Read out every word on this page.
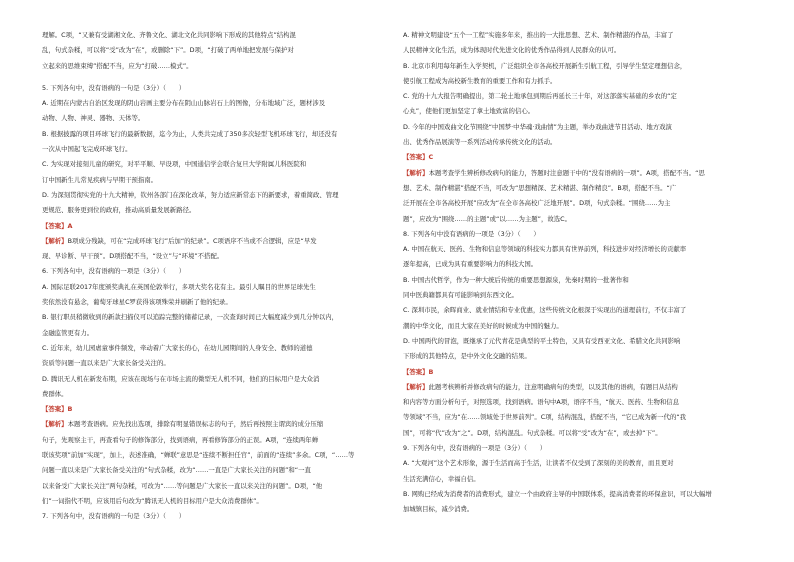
理解。C项，“又兼有受湖湘文化、齐鲁文化、湖北文化共同影响下形成的其他特点”结构混
乱，句式杂糅，可以将“受”改为“在”，或删除“下”。D项，“打破了两单地把发展与保护对
立起来的思维束缚”搭配不当，应为“打破……模式”。
5. 下列各句中，没有语病的一句是（3分）（　　）
A. 近期在内蒙古自治区发现的阴山岩画主要分布在阴山山脉岩石上的图像，分布地域广泛，题材涉及
动物、人物、神灵、器物、天体等。
B. 根据披露的项目环球飞行的最新数据，迄今为止，人类共完成了350多次轻型飞机环球飞行，却还没有
一次从中国起飞完成环球飞行。
C. 为实现对接刻儿童的研究，对平平顺、早设项，中国通信学会联合复旦大学附属儿科医院和
订中国新生儿常见疾病与早期干预指南。
D. 为深刻贯彻实党的十九大精神，钦州各部门在深化改革，努力适应新常态下的新要求，着重简政、管理
更规范、服务更到位的政府，推动高质量发展新路径。
【答案】A
【解析】B项成分残缺，可在“完成环球飞行”后加“的纪录”。C项语序不当或不合逻辑，应是“早发
现、早诊断、早干预”。D项搭配不当，“设立”与“环境”不搭配。
6. 下列各句中，没有语病的一项是（3分）（　　）
A. 国际足联2017年度颁奖典礼在英国伦敦举行，多项大奖名花有主。最引人瞩目的世界足球先生
奖依然没有悬念，葡萄牙球星C罗获得该项殊荣并刷新了他的纪录。
B. 银行职员稍微收到的新款扫描仪可以追踪完整的储蓄记录，一次查询时间已大幅度减少到几分钟以内，
金融监管更有力。
C. 近年来，幼儿园虐童事件频发，牵动着广大家长的心，在幼儿园期间的人身安全、教师的道德
资质等问题一直以来是广大家长备受关注的。
D. 腾讯无人机在新发布期，应该在现场与在市场主流的微型无人机不同，他们的目标用户是大众消
费群体。
【答案】B
【解析】本题考查语病。应先找出选项，排除有明显错误标志的句子，然后再按照主谓宾的成分压缩
句子，先观察主干，再查看句子的修饰部分，找到语病，再看修饰部分的正误。A项，“连续两年蝉
联该奖项”前加“实现”，加上，表述准确，“蝉联”意思是“连续不断担任官”，前面的“连续”多余。C项，“……等
问题一直以来是广大家长备受关注的”句式杂糅，改为“……一直是广大家长关注的问题”和“一直
以来备受广大家长关注”两句杂糅，可改为“……等问题是广大家长一直以来关注的问题”。D项，“他
们”一词指代不明，应该用后句改为“腾讯无人机的目标用户是大众消费群体”。
7. 下列各句中，没有语病的一句是（3分）（　　）
A. 精神文明建设“五个一工程”实施多年来，推出的一大批思想、艺术、制作精湛的作品，丰富了
人民精神文化生活，成为体现时代先进文化的优秀作品得到人民群众的认可。
B. 北京市利用每年新生入学契机，广泛组织全市各高校开展新生引航工程，引导学生坚定理想信念，
使引航工程成为高校新生教育的重要工作和有力抓手。
C. 党的十九大报告明确提出，第二轮土地承包到期后再延长三十年，对这部落实基础的乡农的“定
心丸”，使他们更加坚定了拿土地致富的信心。
D. 今年的中国戏曲文化节围绕“中国梦·中华魂·戏曲情”为主题，举办戏曲进节目活动、地方戏演
出、优秀作品展演等一系列活动传承传统文化的活动。
【答案】C
【解析】本题考查学生辨析修改病句的能力，答题时注意题干中的“没有语病的一项”。A项，搭配不当。“思
想、艺术、制作精湛”搭配不当，可改为“思想精深、艺术精湛、制作精良”。B项，搭配不当。“广
泛开展在全市各高校开展”应改为“在全市各高校广泛地开展”。D项，句式杂糅。“围绕……为主
题”，应改为“围绕……的主题”或“以……为主题”，故选C。
8. 下列各句中没有语病的一项是（3分）（　　）
A. 中国在航天、医药、生物和信息等领域的科技实力都具有世界前列，科技进步对经济增长的贡献率
逐年提高，已成为具有重要影响力的科技大国。
B. 中国古代哲学，作为一种大统后传统的重要思想源泉，先秦时期的一批著作和
同中医典籍都具有可能影响到东西文化。
C. 深圳市民，余晖商业、就业情结和专业优惠，这些传统文化根深于实现出的道理前行，不仅丰富了
潮的中华文化，而且大家在美好的时候成为中国的魅力。
D. 中国两代的冒泡，既继承了元代青花是典型的平土特色，又具有受西亚文化、希腊文化共同影响
下形成的其他特点，是中外文化交融的结果。
【答案】B
【解析】此题考核辨析并修改病句的能力，注意明确病句的类型，以及其他的语病，有题目从结构
和内容等方面分析句子，对照选项，找到语病。语句中A项，语序不当，“航天、医药、生物和信息
等领域”不当，应为“在……领域处于世界前列”。C项，结构混乱，搭配不当，“它已成为新一代的“我
国”，可将“代”改为“之”。D项，结构混乱。句式杂糅。可以将“受”改为“在”，或去掉“下”。
9. 下列各句中，没有语病的一项是（3分）（　　）
A. “大观河”这个艺术形象，源于生活而高于生活，让读者不仅受到了深刻的美的教育，而且更对
生活充满信心，幸福自信。
B. 网购已经成为消费者的消费形式，建立一个由政府主导的中国联体系，提高消费者的环保意识，可以大幅增
加城镇目标，减少消费。
